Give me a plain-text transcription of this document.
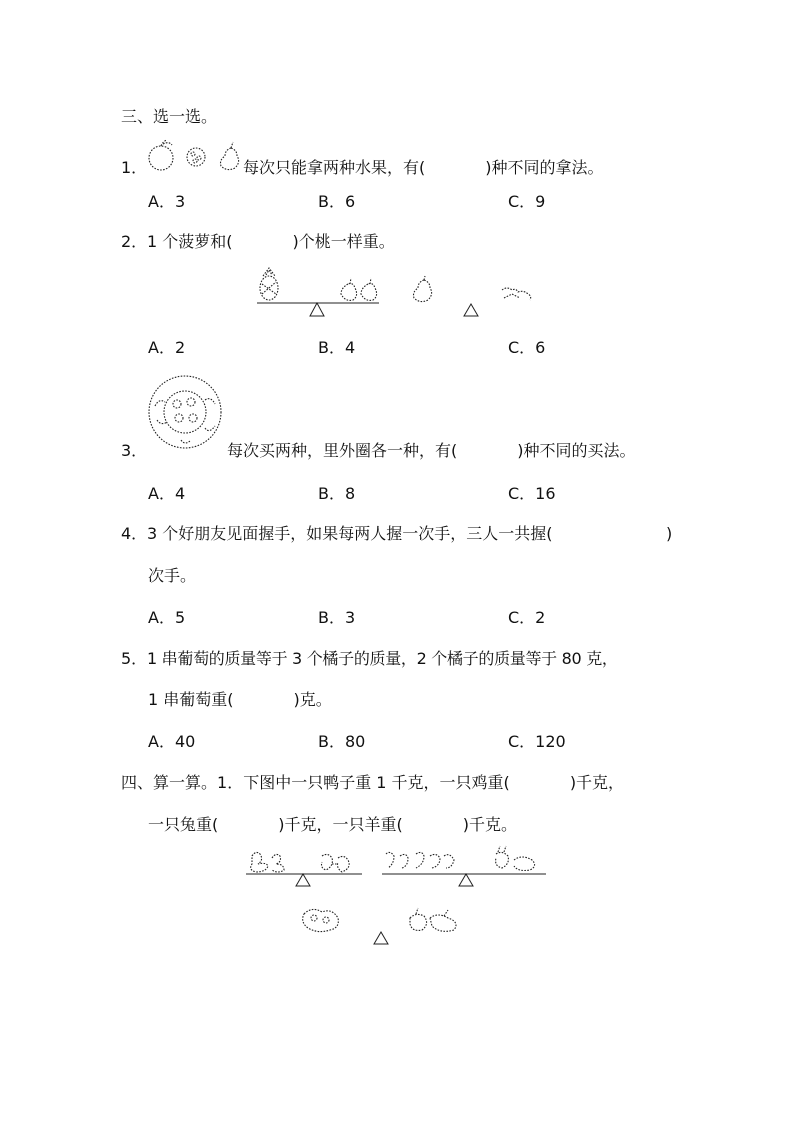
三、选一选。
1．	每次只能拿两种水果，有(	)种不同的拿法。
A．3	B．6	C．9
2． 1 个菠萝和(	)个桃一样重。
A．2	B．4	C．6
3．	每次买两种，里外圈各一种，有(	)种不同的买法。
A．4	B．8	C．16
4． 3 个好朋友见面握手，如果每两人握一次手，三人一共握(	)
次手。
A．5	B．3	C．2
5． 1 串葡萄的质量等于 3 个橘子的质量，2 个橘子的质量等于 80 克，
1 串葡萄重(	)克。
A．40	B．80	C．120
四、算一算。1．下图中一只鸭子重 1 千克，一只鸡重(	)千克，
一只兔重(	)千克，一只羊重(	)千克。
